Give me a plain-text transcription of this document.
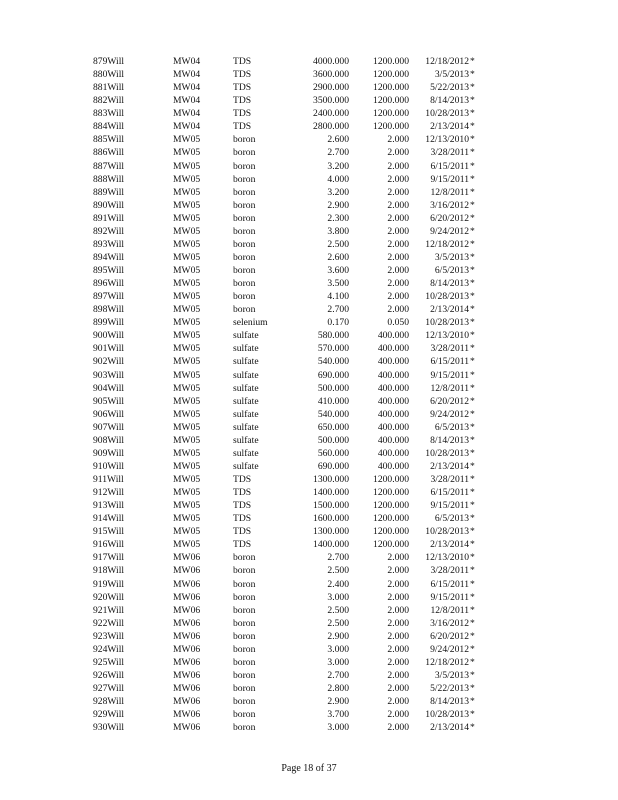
879Will	MW04	TDS	4000.000	1200.000 12/18/2012 *
880Will	MW04	TDS	3600.000	1200.000	3/5/2013 *
881Will	MW04	TDS	2900.000	1200.000 5/22/2013 *
882Will	MW04	TDS	3500.000	1200.000 8/14/2013 *
883Will	MW04	TDS	2400.000	1200.000 10/28/2013 *
884Will	MW04	TDS	2800.000	1200.000 2/13/2014 *
885Will	MW05	boron	2.600	2.000 12/13/2010 *
886Will	MW05	boron	2.700	2.000 3/28/2011 *
887Will	MW05	boron	3.200	2.000 6/15/2011 *
888Will	MW05	boron	4.000	2.000 9/15/2011 *
889Will	MW05	boron	3.200	2.000 12/8/2011 *
890Will	MW05	boron	2.900	2.000 3/16/2012 *
891Will	MW05	boron	2.300	2.000 6/20/2012 *
892Will	MW05	boron	3.800	2.000 9/24/2012 *
893Will	MW05	boron	2.500	2.000 12/18/2012 *
894Will	MW05	boron	2.600	2.000	3/5/2013 *
895Will	MW05	boron	3.600	2.000	6/5/2013 *
896Will	MW05	boron	3.500	2.000 8/14/2013 *
897Will	MW05	boron	4.100	2.000 10/28/2013 *
898Will	MW05	boron	2.700	2.000 2/13/2014 *
899Will	MW05	selenium	0.170	0.050 10/28/2013 *
900Will	MW05	sulfate	580.000	400.000 12/13/2010 *
901Will	MW05	sulfate	570.000	400.000 3/28/2011 *
902Will	MW05	sulfate	540.000	400.000 6/15/2011 *
903Will	MW05	sulfate	690.000	400.000 9/15/2011 *
904Will	MW05	sulfate	500.000	400.000 12/8/2011 *
905Will	MW05	sulfate	410.000	400.000 6/20/2012 *
906Will	MW05	sulfate	540.000	400.000 9/24/2012 *
907Will	MW05	sulfate	650.000	400.000	6/5/2013 *
908Will	MW05	sulfate	500.000	400.000 8/14/2013 *
909Will	MW05	sulfate	560.000	400.000 10/28/2013 *
910Will	MW05	sulfate	690.000	400.000 2/13/2014 *
911Will	MW05	TDS	1300.000	1200.000 3/28/2011 *
912Will	MW05	TDS	1400.000	1200.000 6/15/2011 *
913Will	MW05	TDS	1500.000	1200.000 9/15/2011 *
914Will	MW05	TDS	1600.000	1200.000	6/5/2013 *
915Will	MW05	TDS	1300.000	1200.000 10/28/2013 *
916Will	MW05	TDS	1400.000	1200.000 2/13/2014 *
917Will	MW06	boron	2.700	2.000 12/13/2010 *
918Will	MW06	boron	2.500	2.000 3/28/2011 *
919Will	MW06	boron	2.400	2.000 6/15/2011 *
920Will	MW06	boron	3.000	2.000 9/15/2011 *
921Will	MW06	boron	2.500	2.000 12/8/2011 *
922Will	MW06	boron	2.500	2.000 3/16/2012 *
923Will	MW06	boron	2.900	2.000 6/20/2012 *
924Will	MW06	boron	3.000	2.000 9/24/2012 *
925Will	MW06	boron	3.000	2.000 12/18/2012 *
926Will	MW06	boron	2.700	2.000	3/5/2013 *
927Will	MW06	boron	2.800	2.000 5/22/2013 *
928Will	MW06	boron	2.900	2.000 8/14/2013 *
929Will	MW06	boron	3.700	2.000 10/28/2013 *
930Will	MW06	boron	3.000	2.000 2/13/2014 *
Page 18 of 37
